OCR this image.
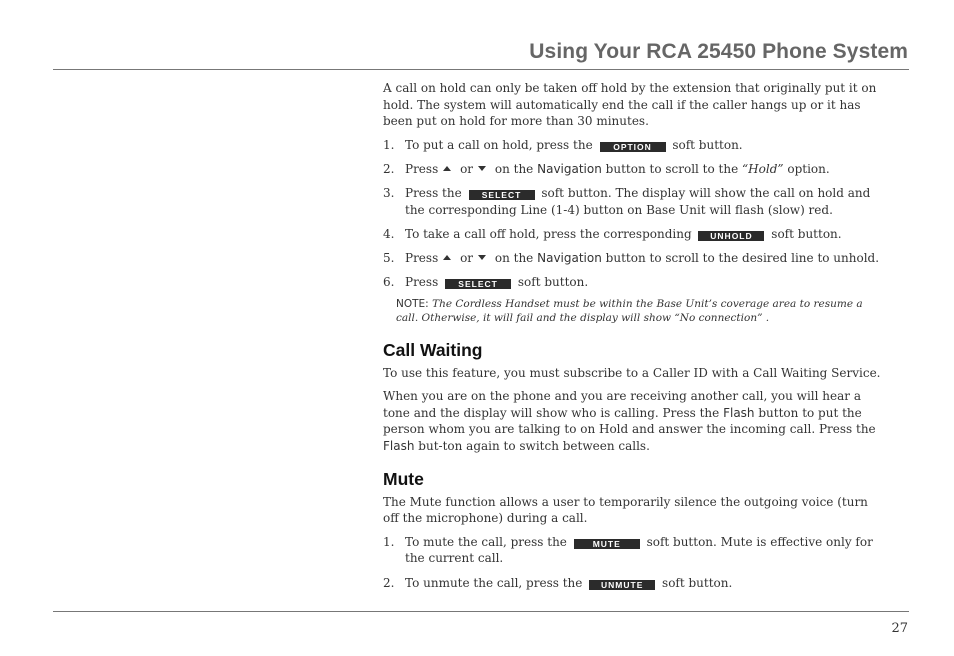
Using Your RCA 25450 Phone System

A call on hold can only be taken off hold by the extension that originally put it on hold. The system will automatically end the call if the caller hangs up or it has been put on hold for more than 30 minutes.

1. To put a call on hold, press the OPTION soft button.
2. Press or on the Navigation button to scroll to the “Hold” option.
3. Press the SELECT soft button. The display will show the call on hold and the corresponding Line (1-4) button on Base Unit will flash (slow) red.
4. To take a call off hold, press the corresponding UNHOLD soft button.
5. Press or on the Navigation button to scroll to the desired line to unhold.
6. Press SELECT soft button.

NOTE: The Cordless Handset must be within the Base Unit’s coverage area to resume a call. Otherwise, it will fail and the display will show “No connection” .

Call Waiting

To use this feature, you must subscribe to a Caller ID with a Call Waiting Service.

When you are on the phone and you are receiving another call, you will hear a tone and the display will show who is calling. Press the Flash button to put the person whom you are talking to on Hold and answer the incoming call. Press the Flash but-ton again to switch between calls.

Mute

The Mute function allows a user to temporarily silence the outgoing voice (turn off the microphone) during a call.

1. To mute the call, press the	MUTE soft button. Mute is effective only for the current call.
2. To unmute the call, press the UNMUTE soft button.
27
